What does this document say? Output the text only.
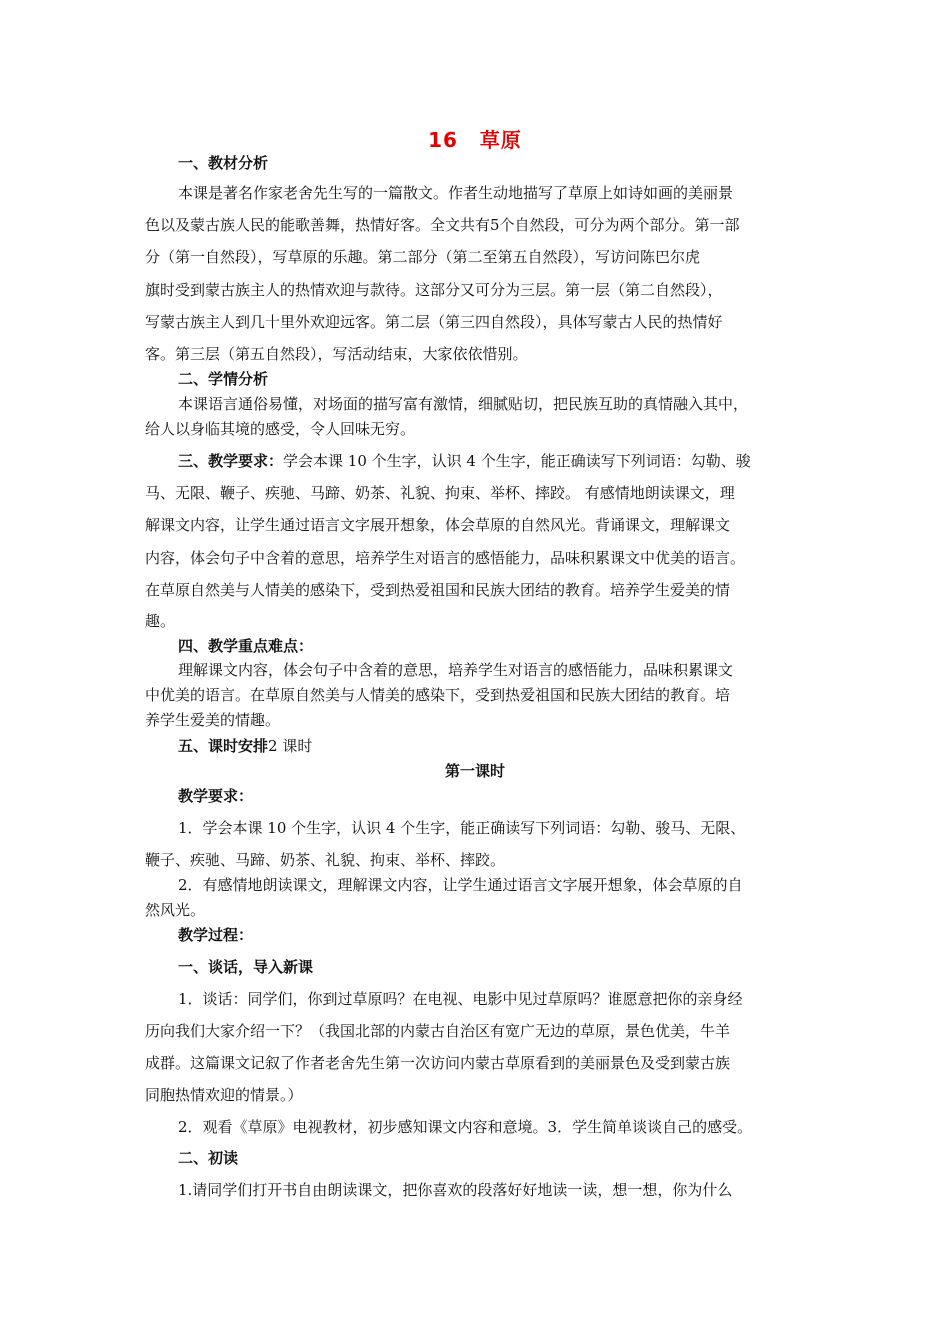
16 草原
一、教材分析
本课是著名作家老舍先生写的一篇散文。作者生动地描写了草原上如诗如画的美丽景
色以及蒙古族人民的能歌善舞，热情好客。全文共有5个自然段，可分为两个部分。第一部
分（第一自然段），写草原的乐趣。第二部分（第二至第五自然段），写访问陈巴尔虎
旗时受到蒙古族主人的热情欢迎与款待。这部分又可分为三层。第一层（第二自然段），
写蒙古族主人到几十里外欢迎远客。第二层（第三四自然段），具体写蒙古人民的热情好
客。第三层（第五自然段），写活动结束，大家依依惜别。
二、学情分析
本课语言通俗易懂，对场面的描写富有激情，细腻贴切，把民族互助的真情融入其中，
给人以身临其境的感受，令人回味无穷。
三、教学要求：学会本课 10 个生字，认识 4 个生字，能正确读写下列词语：勾勒、骏
马、无限、鞭子、疾驰、马蹄、奶茶、礼貌、拘束、举杯、摔跤。 有感情地朗读课文，理
解课文内容，让学生通过语言文字展开想象，体会草原的自然风光。背诵课文，理解课文
内容，体会句子中含着的意思，培养学生对语言的感悟能力，品味积累课文中优美的语言。
在草原自然美与人情美的感染下，受到热爱祖国和民族大团结的教育。培养学生爱美的情
趣。
四、教学重点难点：
理解课文内容，体会句子中含着的意思，培养学生对语言的感悟能力，品味积累课文
中优美的语言。在草原自然美与人情美的感染下，受到热爱祖国和民族大团结的教育。培
养学生爱美的情趣。
五、课时安排2 课时
第一课时
教学要求：
1．学会本课 10 个生字，认识 4 个生字，能正确读写下列词语：勾勒、骏马、无限、
鞭子、疾驰、马蹄、奶茶、礼貌、拘束、举杯、摔跤。
2．有感情地朗读课文，理解课文内容，让学生通过语言文字展开想象，体会草原的自
然风光。
教学过程：
一、谈话，导入新课
1．谈话：同学们，你到过草原吗？在电视、电影中见过草原吗？谁愿意把你的亲身经
历向我们大家介绍一下？（我国北部的内蒙古自治区有宽广无边的草原，景色优美，牛羊
成群。这篇课文记叙了作者老舍先生第一次访问内蒙古草原看到的美丽景色及受到蒙古族
同胞热情欢迎的情景。）
2．观看《草原》电视教材，初步感知课文内容和意境。3．学生简单谈谈自己的感受。
二、初读
1.请同学们打开书自由朗读课文，把你喜欢的段落好好地读一读，想一想，你为什么
